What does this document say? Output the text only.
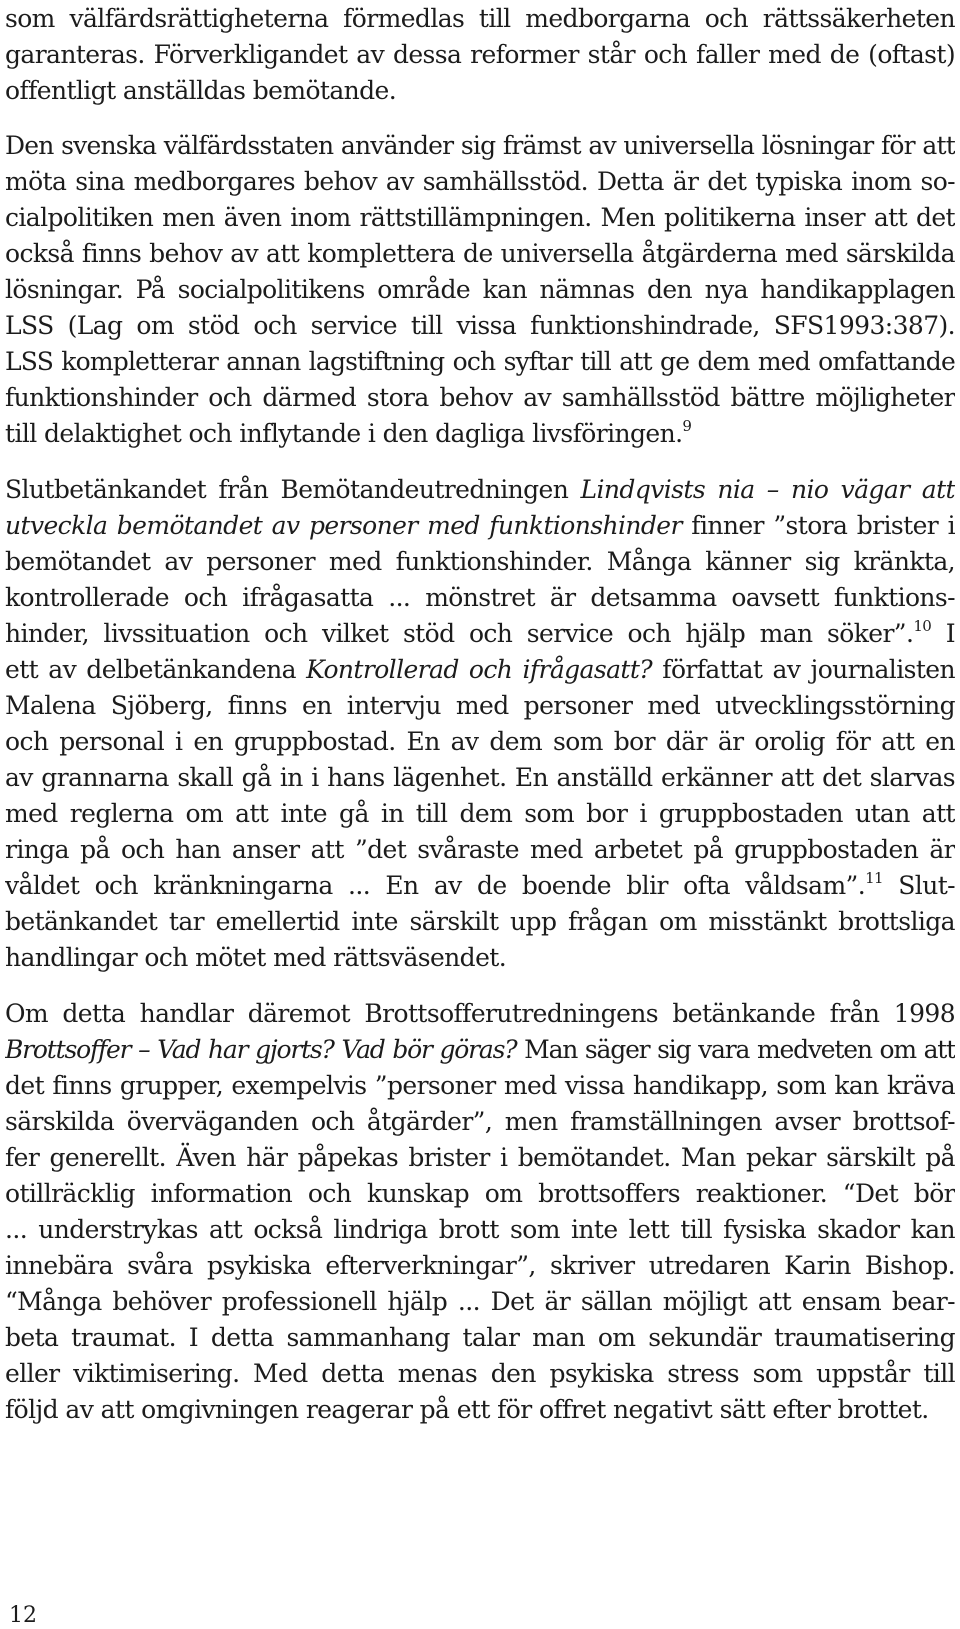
som välfärdsrättigheterna förmedlas till medborgarna och rättssäkerheten
garanteras. Förverkligandet av dessa reformer står och faller med de (oftast)
offentligt anställdas bemötande.
Den svenska välfärdsstaten använder sig främst av universella lösningar för att
möta sina medborgares behov av samhällsstöd. Detta är det typiska inom so-
cialpolitiken men även inom rättstillämpningen. Men politikerna inser att det
också finns behov av att komplettera de universella åtgärderna med särskilda
lösningar. På socialpolitikens område kan nämnas den nya handikapplagen
LSS (Lag om stöd och service till vissa funktionshindrade, SFS1993:387).
LSS kompletterar annan lagstiftning och syftar till att ge dem med omfattande
funktionshinder och därmed stora behov av samhällsstöd bättre möjligheter
till delaktighet och inflytande i den dagliga livsföringen.$^9$
Slutbetänkandet från Bemötandeutredningen Lindqvists nia – nio vägar att
utveckla bemötandet av personer med funktionshinder finner ”stora brister i
bemötandet av personer med funktionshinder. Många känner sig kränkta,
kontrollerade och ifrågasatta ... mönstret är detsamma oavsett funktions-
hinder, livssituation och vilket stöd och service och hjälp man söker”.$^{10}$ I
ett av delbetänkandena Kontrollerad och ifrågasatt? författat av journalisten
Malena Sjöberg, finns en intervju med personer med utvecklingsstörning
och personal i en gruppbostad. En av dem som bor där är orolig för att en
av grannarna skall gå in i hans lägenhet. En anställd erkänner att det slarvas
med reglerna om att inte gå in till dem som bor i gruppbostaden utan att
ringa på och han anser att ”det svåraste med arbetet på gruppbostaden är
våldet och kränkningarna ... En av de boende blir ofta våldsam”.$^{11}$ Slut-
betänkandet tar emellertid inte särskilt upp frågan om misstänkt brottsliga
handlingar och mötet med rättsväsendet.
Om detta handlar däremot Brottsofferutredningens betänkande från 1998
Brottsoffer – Vad har gjorts? Vad bör göras? Man säger sig vara medveten om att
det finns grupper, exempelvis ”personer med vissa handikapp, som kan kräva
särskilda överväganden och åtgärder”, men framställningen avser brottsof-
fer generellt. Även här påpekas brister i bemötandet. Man pekar särskilt på
otillräcklig information och kunskap om brottsoffers reaktioner. “Det bör
... understrykas att också lindriga brott som inte lett till fysiska skador kan
innebära svåra psykiska efterverkningar”, skriver utredaren Karin Bishop.
“Många behöver professionell hjälp ... Det är sällan möjligt att ensam bear-
beta traumat. I detta sammanhang talar man om sekundär traumatisering
eller viktimisering. Med detta menas den psykiska stress som uppstår till
följd av att omgivningen reagerar på ett för offret negativt sätt efter brottet.
12
